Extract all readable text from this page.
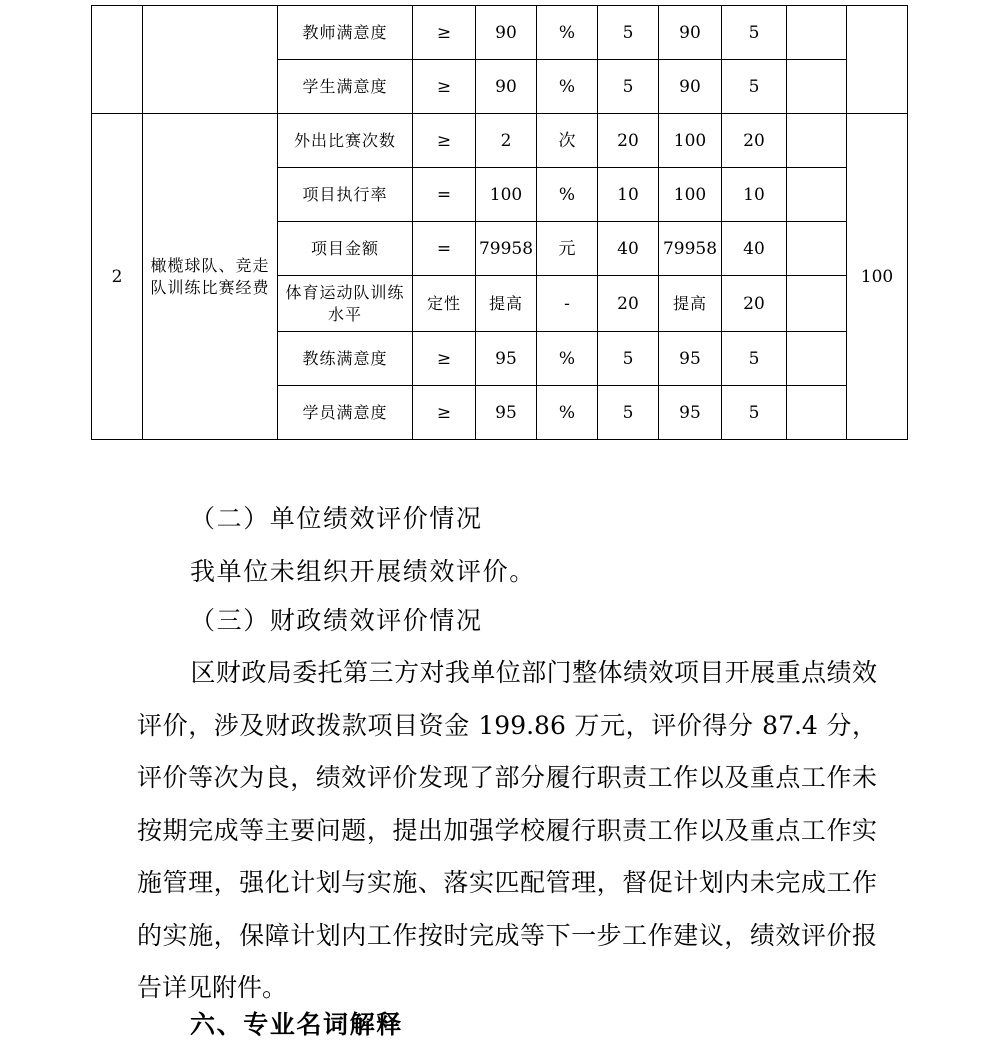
		教师满意度	≥	90	%	5	90	5		
		学生满意度	≥	90	%	5	90	5		
2	橄榄球队、竞走队训练比赛经费	外出比赛次数	≥	2	次	20	100	20		100
		项目执行率	=	100	%	10	100	10		
		项目金额	=	79958	元	40	79958	40		
		体育运动队训练水平	定性	提高	-	20	提高	20		
		教练满意度	≥	95	%	5	95	5		
		学员满意度	≥	95	%	5	95	5		
（二）单位绩效评价情况
我单位未组织开展绩效评价。
（三）财政绩效评价情况
区财政局委托第三方对我单位部门整体绩效项目开展重点绩效评价，涉及财政拨款项目资金 199.86 万元，评价得分 87.4 分，评价等次为良，绩效评价发现了部分履行职责工作以及重点工作未按期完成等主要问题，提出加强学校履行职责工作以及重点工作实施管理，强化计划与实施、落实匹配管理，督促计划内未完成工作的实施，保障计划内工作按时完成等下一步工作建议，绩效评价报告详见附件。
六、专业名词解释
